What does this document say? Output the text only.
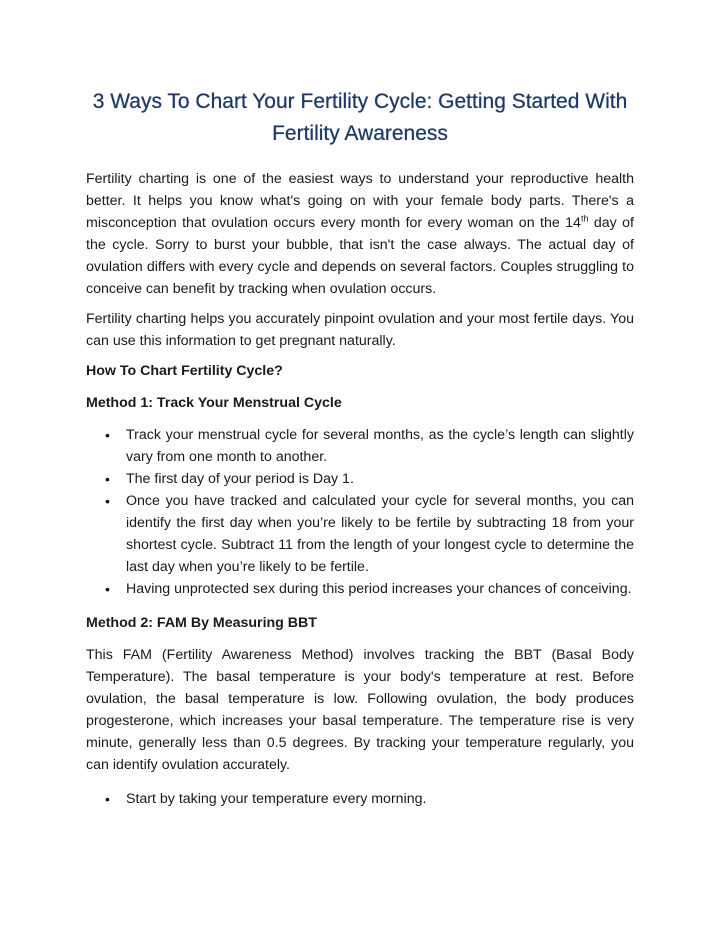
3 Ways To Chart Your Fertility Cycle: Getting Started With Fertility Awareness

Fertility charting is one of the easiest ways to understand your reproductive health better. It helps you know what's going on with your female body parts. There's a misconception that ovulation occurs every month for every woman on the 14th day of the cycle. Sorry to burst your bubble, that isn't the case always. The actual day of ovulation differs with every cycle and depends on several factors. Couples struggling to conceive can benefit by tracking when ovulation occurs.

Fertility charting helps you accurately pinpoint ovulation and your most fertile days. You can use this information to get pregnant naturally.

How To Chart Fertility Cycle?
Method 1: Track Your Menstrual Cycle
• Track your menstrual cycle for several months, as the cycle’s length can slightly vary from one month to another.
• The first day of your period is Day 1.
• Once you have tracked and calculated your cycle for several months, you can identify the first day when you’re likely to be fertile by subtracting 18 from your shortest cycle. Subtract 11 from the length of your longest cycle to determine the last day when you’re likely to be fertile.
• Having unprotected sex during this period increases your chances of conceiving.
Method 2: FAM By Measuring BBT

This FAM (Fertility Awareness Method) involves tracking the BBT (Basal Body Temperature). The basal temperature is your body's temperature at rest. Before ovulation, the basal temperature is low. Following ovulation, the body produces progesterone, which increases your basal temperature. The temperature rise is very minute, generally less than 0.5 degrees. By tracking your temperature regularly, you can identify ovulation accurately.

• Start by taking your temperature every morning.
